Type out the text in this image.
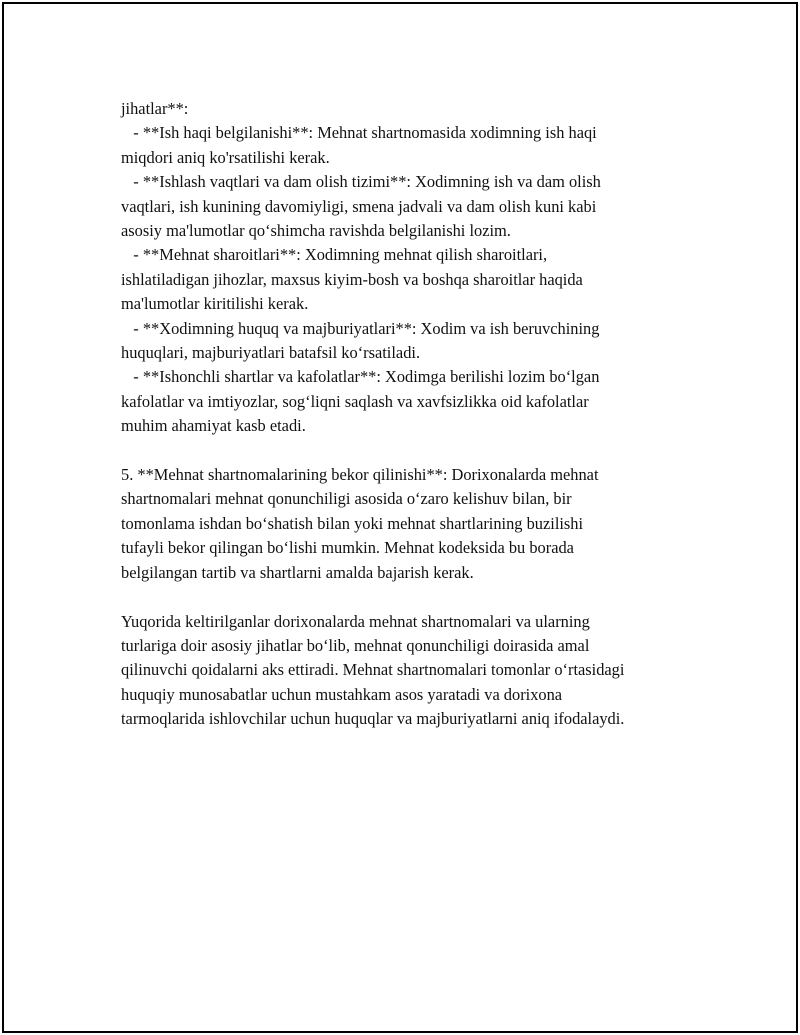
jihatlar**:
- **Ish haqi belgilanishi**: Mehnat shartnomasida xodimning ish haqi
miqdori aniq ko'rsatilishi kerak.
- **Ishlash vaqtlari va dam olish tizimi**: Xodimning ish va dam olish
vaqtlari, ish kunining davomiyligi, smena jadvali va dam olish kuni kabi
asosiy ma'lumotlar qo‘shimcha ravishda belgilanishi lozim.
- **Mehnat sharoitlari**: Xodimning mehnat qilish sharoitlari,
ishlatiladigan jihozlar, maxsus kiyim-bosh va boshqa sharoitlar haqida
ma'lumotlar kiritilishi kerak.
- **Xodimning huquq va majburiyatlari**: Xodim va ish beruvchining
huquqlari, majburiyatlari batafsil ko‘rsatiladi.
- **Ishonchli shartlar va kafolatlar**: Xodimga berilishi lozim bo‘lgan
kafolatlar va imtiyozlar, sog‘liqni saqlash va xavfsizlikka oid kafolatlar
muhim ahamiyat kasb etadi.
5. **Mehnat shartnomalarining bekor qilinishi**: Dorixonalarda mehnat
shartnomalari mehnat qonunchiligi asosida o‘zaro kelishuv bilan, bir
tomonlama ishdan bo‘shatish bilan yoki mehnat shartlarining buzilishi
tufayli bekor qilingan bo‘lishi mumkin. Mehnat kodeksida bu borada
belgilangan tartib va shartlarni amalda bajarish kerak.
Yuqorida keltirilganlar dorixonalarda mehnat shartnomalari va ularning
turlariga doir asosiy jihatlar bo‘lib, mehnat qonunchiligi doirasida amal
qilinuvchi qoidalarni aks ettiradi. Mehnat shartnomalari tomonlar o‘rtasidagi
huquqiy munosabatlar uchun mustahkam asos yaratadi va dorixona
tarmoqlarida ishlovchilar uchun huquqlar va majburiyatlarni aniq ifodalaydi.
